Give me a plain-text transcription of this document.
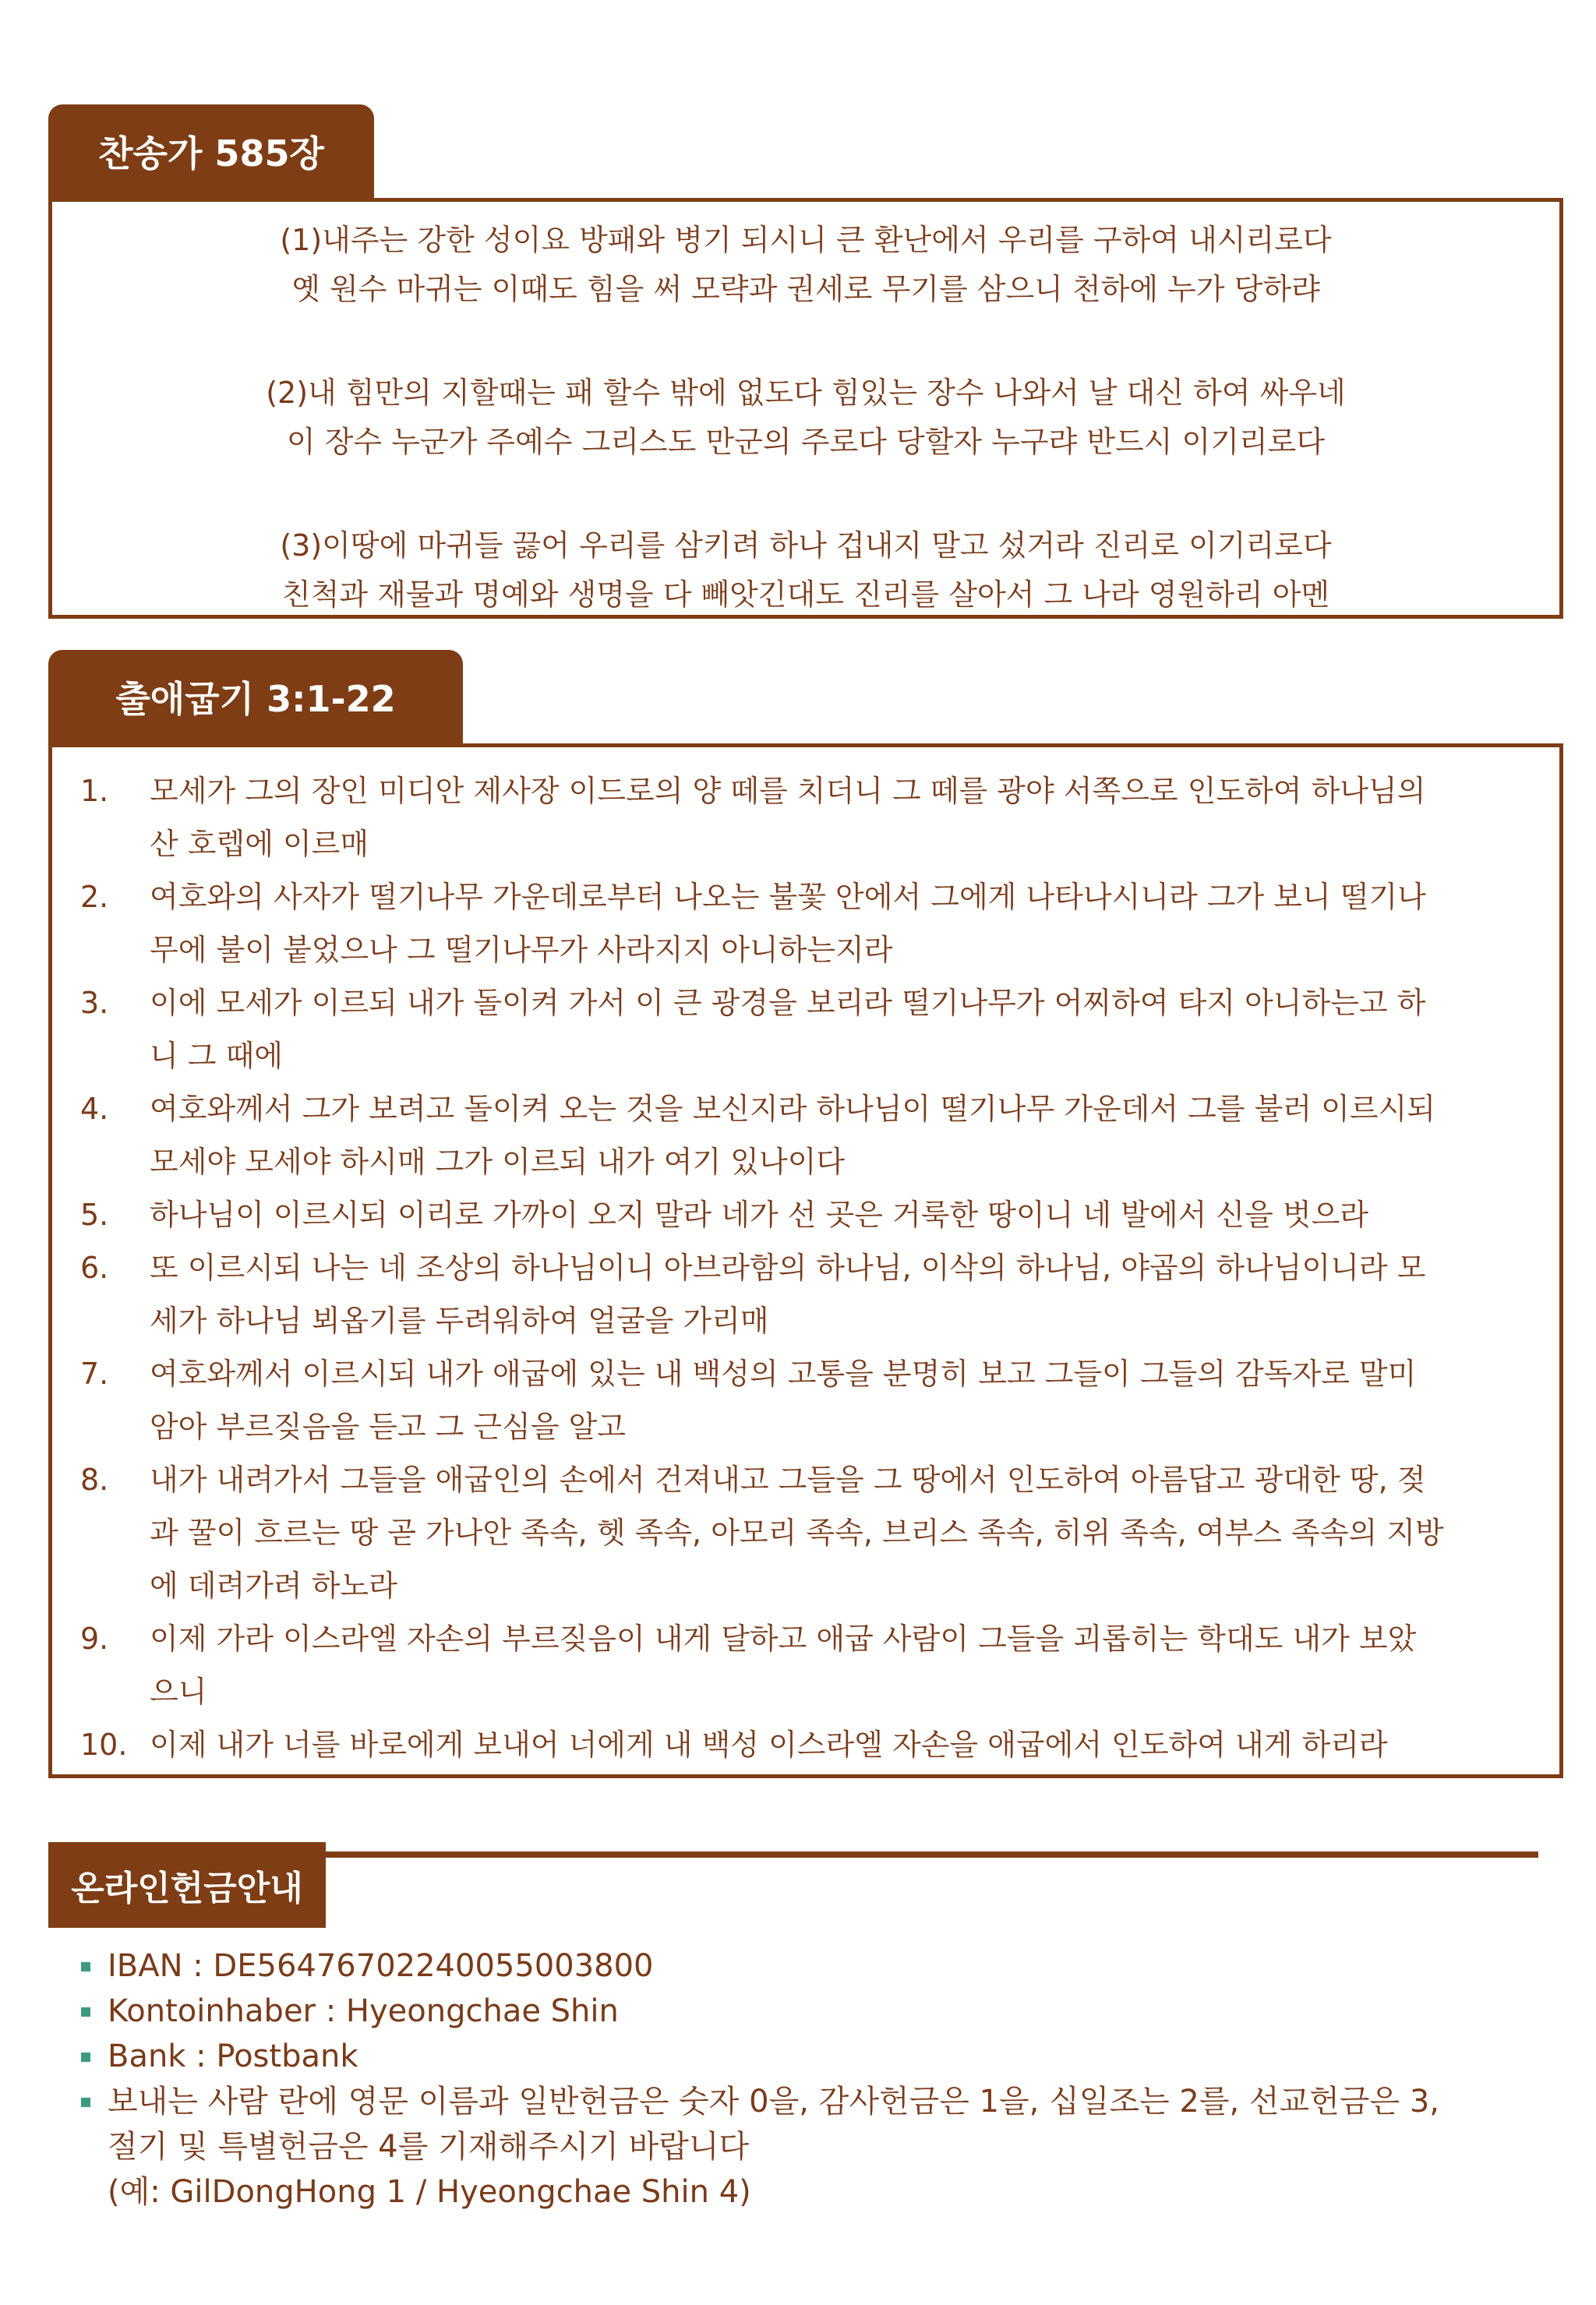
찬송가 585장
(1)내주는 강한 성이요 방패와 병기 되시니 큰 환난에서 우리를 구하여 내시리로다
옛 원수 마귀는 이때도 힘을 써 모략과 권세로 무기를 삼으니 천하에 누가 당하랴
(2)내 힘만의 지할때는 패 할수 밖에 없도다 힘있는 장수 나와서 날 대신 하여 싸우네
이 장수 누군가 주예수 그리스도 만군의 주로다 당할자 누구랴 반드시 이기리로다
(3)이땅에 마귀들 끓어 우리를 삼키려 하나 겁내지 말고 섰거라 진리로 이기리로다
친척과 재물과 명예와 생명을 다 빼앗긴대도 진리를 살아서 그 나라 영원하리 아멘
출애굽기 3:1-22
1. 모세가 그의 장인 미디안 제사장 이드로의 양 떼를 치더니 그 떼를 광야 서쪽으로 인도하여 하나님의
산 호렙에 이르매
2. 여호와의 사자가 떨기나무 가운데로부터 나오는 불꽃 안에서 그에게 나타나시니라 그가 보니 떨기나
무에 불이 붙었으나 그 떨기나무가 사라지지 아니하는지라
3. 이에 모세가 이르되 내가 돌이켜 가서 이 큰 광경을 보리라 떨기나무가 어찌하여 타지 아니하는고 하
니 그 때에
4. 여호와께서 그가 보려고 돌이켜 오는 것을 보신지라 하나님이 떨기나무 가운데서 그를 불러 이르시되
모세야 모세야 하시매 그가 이르되 내가 여기 있나이다
5. 하나님이 이르시되 이리로 가까이 오지 말라 네가 선 곳은 거룩한 땅이니 네 발에서 신을 벗으라
6. 또 이르시되 나는 네 조상의 하나님이니 아브라함의 하나님, 이삭의 하나님, 야곱의 하나님이니라 모
세가 하나님 뵈옵기를 두려워하여 얼굴을 가리매
7. 여호와께서 이르시되 내가 애굽에 있는 내 백성의 고통을 분명히 보고 그들이 그들의 감독자로 말미
암아 부르짖음을 듣고 그 근심을 알고
8. 내가 내려가서 그들을 애굽인의 손에서 건져내고 그들을 그 땅에서 인도하여 아름답고 광대한 땅, 젖
과 꿀이 흐르는 땅 곧 가나안 족속, 헷 족속, 아모리 족속, 브리스 족속, 히위 족속, 여부스 족속의 지방
에 데려가려 하노라
9. 이제 가라 이스라엘 자손의 부르짖음이 내게 달하고 애굽 사람이 그들을 괴롭히는 학대도 내가 보았
으니
10. 이제 내가 너를 바로에게 보내어 너에게 내 백성 이스라엘 자손을 애굽에서 인도하여 내게 하리라
온라인헌금안내
IBAN : DE56476702240055003800
Kontoinhaber : Hyeongchae Shin
Bank : Postbank
보내는 사람 란에 영문 이름과 일반헌금은 숫자 0을, 감사헌금은 1을, 십일조는 2를, 선교헌금은 3,
절기 및 특별헌금은 4를 기재해주시기 바랍니다
(예: GilDongHong 1 / Hyeongchae Shin 4)
